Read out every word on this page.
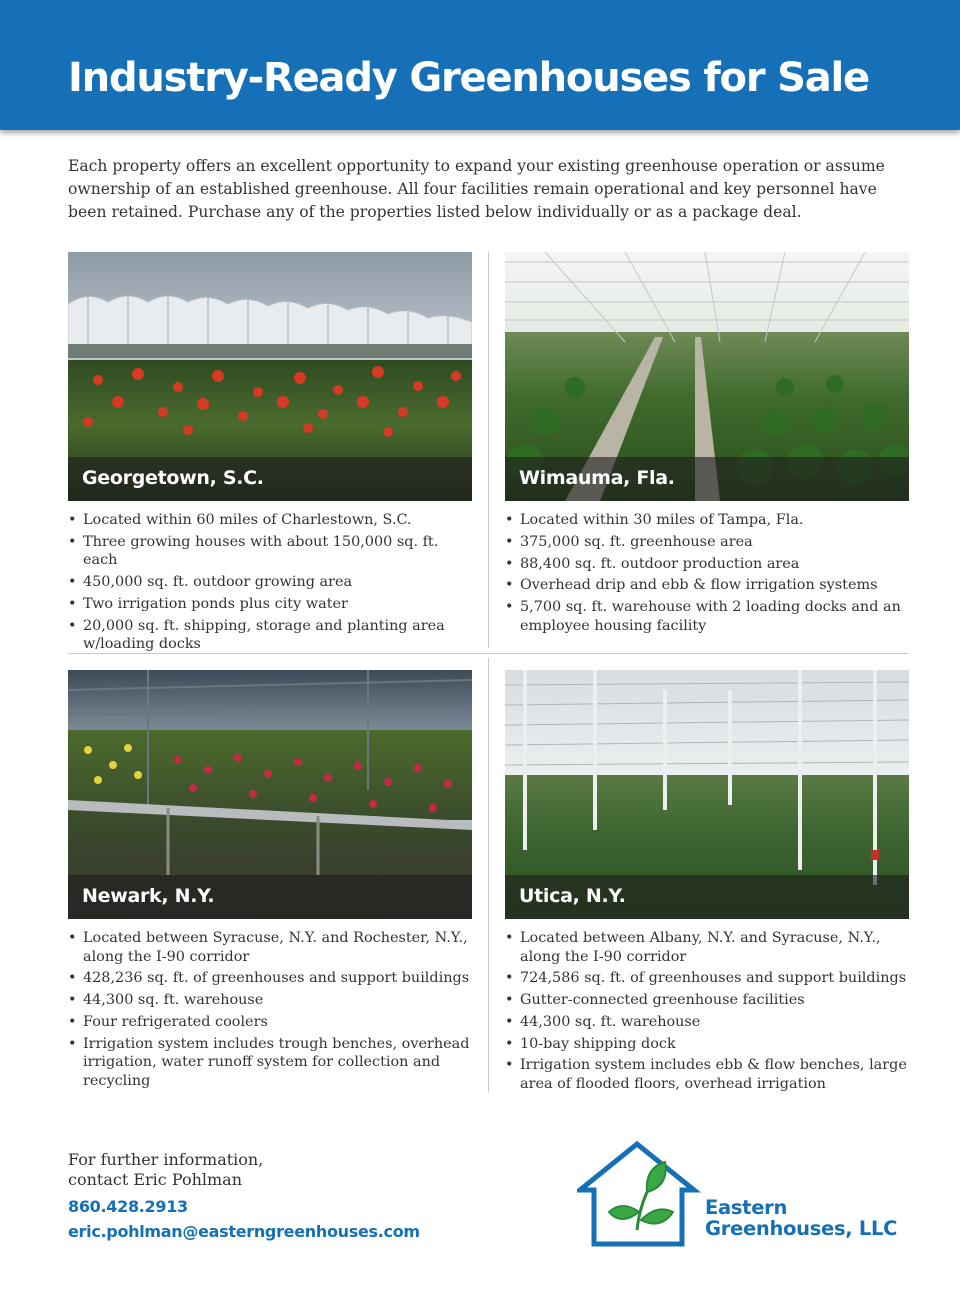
Industry-Ready Greenhouses for Sale

Each property offers an excellent opportunity to expand your existing greenhouse operation or assume ownership of an established greenhouse. All four facilities remain operational and key personnel have been retained. Purchase any of the properties listed below individually or as a package deal.

Georgetown, S.C.
• Located within 60 miles of Charlestown, S.C.
• Three growing houses with about 150,000 sq. ft. each
• 450,000 sq. ft. outdoor growing area
• Two irrigation ponds plus city water
• 20,000 sq. ft. shipping, storage and planting area w/loading docks
Wimauma, Fla.
• Located within 30 miles of Tampa, Fla.
• 375,000 sq. ft. greenhouse area
• 88,400 sq. ft. outdoor production area
• Overhead drip and ebb & flow irrigation systems
• 5,700 sq. ft. warehouse with 2 loading docks and an employee housing facility
Newark, N.Y.
• Located between Syracuse, N.Y. and Rochester, N.Y., along the I-90 corridor
• 428,236 sq. ft. of greenhouses and support buildings
• 44,300 sq. ft. warehouse
• Four refrigerated coolers
• Irrigation system includes trough benches, overhead irrigation, water runoff system for collection and recycling
Utica, N.Y.
• Located between Albany, N.Y. and Syracuse, N.Y., along the I-90 corridor
• 724,586 sq. ft. of greenhouses and support buildings
• Gutter-connected greenhouse facilities
• 44,300 sq. ft. warehouse
• 10-bay shipping dock
• Irrigation system includes ebb & flow benches, large area of flooded floors, overhead irrigation
For further information,
contact Eric Pohlman
860.428.2913
eric.pohlman@easterngreenhouses.com
Eastern
Greenhouses, LLC
